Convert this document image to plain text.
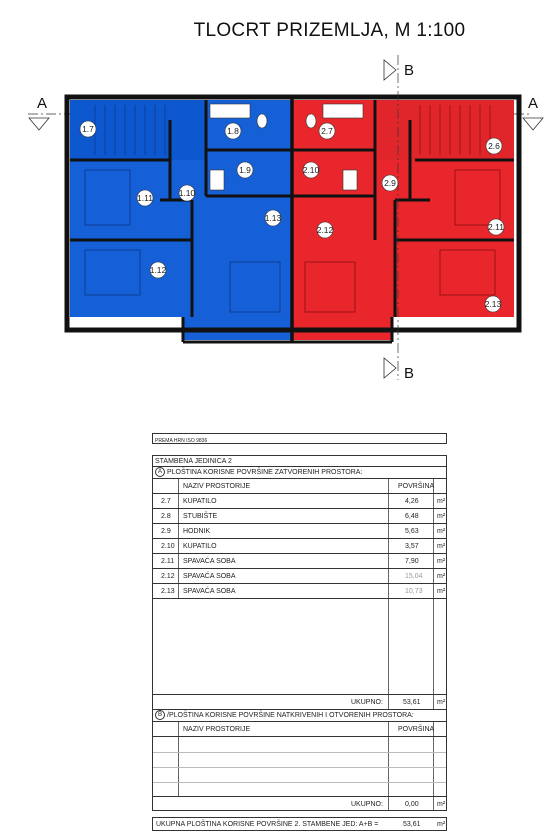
TLOCRT PRIZEMLJA, M 1:100
A	A
1.7	1.8
1.9
1.10
1.11
1.12
1.13
2.7
2.6
2.10
2.9
2.11
2.12
2.13
B
B
PREMA HRN ISO 9836
STAMBENA JEDINICA 2
A PLOŠTINA KORISNE POVRŠINE ZATVORENIH PROSTORA:
NAZIV PROSTORIJE	POVRŠINA
2.7 KUPATILO	4,26	m²
2.8 STUBIŠTE	6,48	m²
2.9 HODNIK	5,63	m²
2.10 KUPATILO	3,57	m²
2.11 SPAVAĆA SOBA	7,90	m²
2.12 SPAVAĆA SOBA	15,04 m²
2.13 SPAVAĆA SOBA	10,73 m²
UKUPNO:	53,61 m²
B /PLOŠTINA KORISNE POVRŠINE NATKRIVENIH I OTVORENIH PROSTORA:
NAZIV PROSTORIJE	POVRŠINA
UKUPNO:	0,00	m²
UKUPNA PLOŠTINA KORISNE POVRŠINE 2. STAMBENE JED: A+B =	53,61 m²
